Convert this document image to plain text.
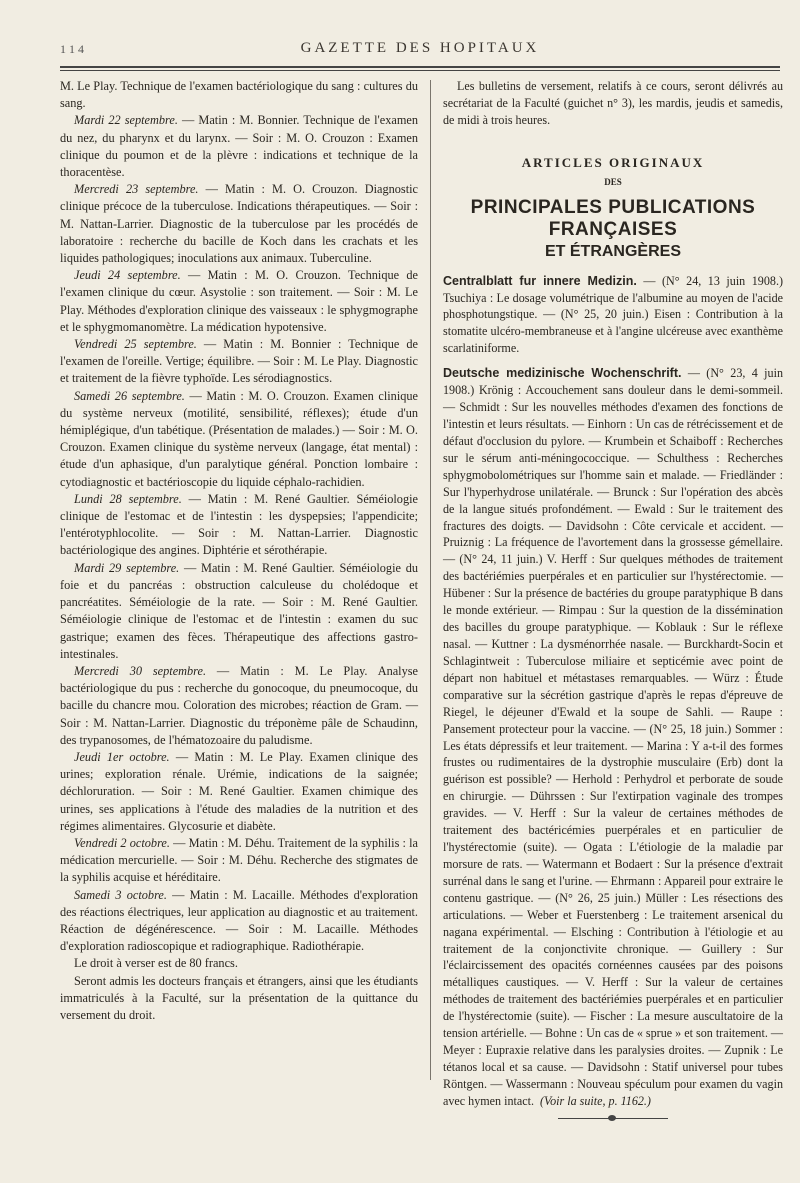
1 1 4	GAZETTE DES HOPITAUX

M. Le Play. Technique de l'examen bactériologique du sang : cultures du sang.

Mardi 22 septembre. — Matin : M. Bonnier. Technique de l'examen du nez, du pharynx et du larynx. — Soir : M. O. Crouzon : Examen clinique du poumon et de la plèvre : indications et technique de la thoracentèse.

Mercredi 23 septembre. — Matin : M. O. Crouzon. Diagnostic clinique précoce de la tuberculose. Indications thérapeutiques. — Soir : M. Nattan-Larrier. Diagnostic de la tuberculose par les procédés de laboratoire : recherche du bacille de Koch dans les crachats et les liquides pathologiques; inoculations aux animaux. Tuberculine.

Jeudi 24 septembre. — Matin : M. O. Crouzon. Technique de l'examen clinique du cœur. Asystolie : son traitement. — Soir : M. Le Play. Méthodes d'exploration clinique des vaisseaux : le sphygmographe et le sphygmomanomètre. La médication hypotensive.

Vendredi 25 septembre. — Matin : M. Bonnier : Technique de l'examen de l'oreille. Vertige; équilibre. — Soir : M. Le Play. Diagnostic et traitement de la fièvre typhoïde. Les sérodiagnostics.

Samedi 26 septembre. — Matin : M. O. Crouzon. Examen clinique du système nerveux (motilité, sensibilité, réflexes); étude d'un hémiplégique, d'un tabétique. (Présentation de malades.) — Soir : M. O. Crouzon. Examen clinique du système nerveux (langage, état mental) : étude d'un aphasique, d'un paralytique général. Ponction lombaire : cytodiagnostic et bactérioscopie du liquide céphalo-rachidien.

Lundi 28 septembre. — Matin : M. René Gaultier. Séméiologie clinique de l'estomac et de l'intestin : les dyspepsies; l'appendicite; l'entérotyphlocolite. — Soir : M. Nattan-Larrier. Diagnostic bactériologique des angines. Diphtérie et sérothérapie.

Mardi 29 septembre. — Matin : M. René Gaultier. Séméiologie du foie et du pancréas : obstruction calculeuse du cholédoque et pancréatites. Séméiologie de la rate. — Soir : M. René Gaultier. Séméiologie clinique de l'estomac et de l'intestin : examen du suc gastrique; examen des fèces. Thérapeutique des affections gastro-intestinales.

Mercredi 30 septembre. — Matin : M. Le Play. Analyse bactériologique du pus : recherche du gonocoque, du pneumocoque, du bacille du chancre mou. Coloration des microbes; réaction de Gram. — Soir : M. Nattan-Larrier. Diagnostic du tréponème pâle de Schaudinn, des trypanosomes, de l'hématozoaire du paludisme.

Jeudi 1er octobre. — Matin : M. Le Play. Examen clinique des urines; exploration rénale. Urémie, indications de la saignée; déchloruration. — Soir : M. René Gaultier. Examen chimique des urines, ses applications à l'étude des maladies de la nutrition et des régimes alimentaires. Glycosurie et diabète.

Vendredi 2 octobre. — Matin : M. Déhu. Traitement de la syphilis : la médication mercurielle. — Soir : M. Déhu. Recherche des stigmates de la syphilis acquise et héréditaire.

Samedi 3 octobre. — Matin : M. Lacaille. Méthodes d'exploration des réactions électriques, leur application au diagnostic et au traitement. Réaction de dégénérescence. — Soir : M. Lacaille. Méthodes d'exploration radioscopique et radiographique. Radiothérapie.

Le droit à verser est de 80 francs.

Seront admis les docteurs français et étrangers, ainsi que les étudiants immatriculés à la Faculté, sur la présentation de la quittance du versement du droit.

Les bulletins de versement, relatifs à ce cours, seront délivrés au secrétariat de la Faculté (guichet n° 3), les mardis, jeudis et samedis, de midi à trois heures.

ARTICLES ORIGINAUX
DES
PRINCIPALES PUBLICATIONS FRANÇAISES
ET ÉTRANGÈRES

Centralblatt fur innere Medizin. — (N° 24, 13 juin 1908.) Tsuchiya : Le dosage volumétrique de l'albumine au moyen de l'acide phosphotungstique. — (N° 25, 20 juin.) Eisen : Contribution à la stomatite ulcéro-membraneuse et à l'angine ulcéreuse avec exanthème scarlatiniforme.

Deutsche medizinische Wochenschrift. — (N° 23, 4 juin 1908.) Krönig : Accouchement sans douleur dans le demi-sommeil. — Schmidt : Sur les nouvelles méthodes d'examen des fonctions de l'intestin et leurs résultats. — Einhorn : Un cas de rétrécissement et de défaut d'occlusion du pylore. — Krumbein et Schaiboff : Recherches sur le sérum anti-méningococcique. — Schulthess : Recherches sphygmobolométriques sur l'homme sain et malade. — Friedländer : Sur l'hyperhydrose unilatérale. — Brunck : Sur l'opération des abcès de la langue situés profondément. — Ewald : Sur le traitement des fractures des doigts. — Davidsohn : Côte cervicale et accident. — Pruiznig : La fréquence de l'avortement dans la grossesse gémellaire. — (N° 24, 11 juin.) V. Herff : Sur quelques méthodes de traitement des bactériémies puerpérales et en particulier sur l'hystérectomie. — Hübener : Sur la présence de bactéries du groupe paratyphique B dans le monde extérieur. — Rimpau : Sur la question de la dissémination des bacilles du groupe paratyphique. — Koblauk : Sur le réflexe nasal. — Kuttner : La dysménorrhée nasale. — Burckhardt-Socin et Schlagintweit : Tuberculose miliaire et septicémie avec point de départ non habituel et métastases remarquables. — Würz : Étude comparative sur la sécrétion gastrique d'après le repas d'épreuve de Riegel, le déjeuner d'Ewald et la soupe de Sahli. — Raupe : Pansement protecteur pour la vaccine. — (N° 25, 18 juin.) Sommer : Les états dépressifs et leur traitement. — Marina : Y a-t-il des formes frustes ou rudimentaires de la dystrophie musculaire (Erb) dont la guérison est possible? — Herhold : Perhydrol et perborate de soude en chirurgie. — Dührssen : Sur l'extirpation vaginale des trompes gravides. — V. Herff : Sur la valeur de certaines méthodes de traitement des bactéricémies puerpérales et en particulier de l'hystérectomie (suite). — Ogata : L'étiologie de la maladie par morsure de rats. — Watermann et Bodaert : Sur la présence d'extrait surrénal dans le sang et l'urine. — Ehrmann : Appareil pour extraire le contenu gastrique. — (N° 26, 25 juin.) Müller : Les résections des articulations. — Weber et Fuerstenberg : Le traitement arsenical du nagana expérimental. — Elsching : Contribution à l'étiologie et au traitement de la conjonctivite chronique. — Guillery : Sur l'éclaircissement des opacités cornéennes causées par des poisons métalliques caustiques. — V. Herff : Sur la valeur de certaines méthodes de traitement des bactériémies puerpérales et en particulier de l'hystérectomie (suite). — Fischer : La mesure auscultatoire de la tension artérielle. — Bohne : Un cas de « sprue » et son traitement. — Meyer : Eupraxie relative dans les paralysies droites. — Zupnik : Le tétanos local et sa cause. — Davidsohn : Statif universel pour tubes Röntgen. — Wassermann : Nouveau spéculum pour examen du vagin avec hymen intact. (Voir la suite, p. 1162.)
